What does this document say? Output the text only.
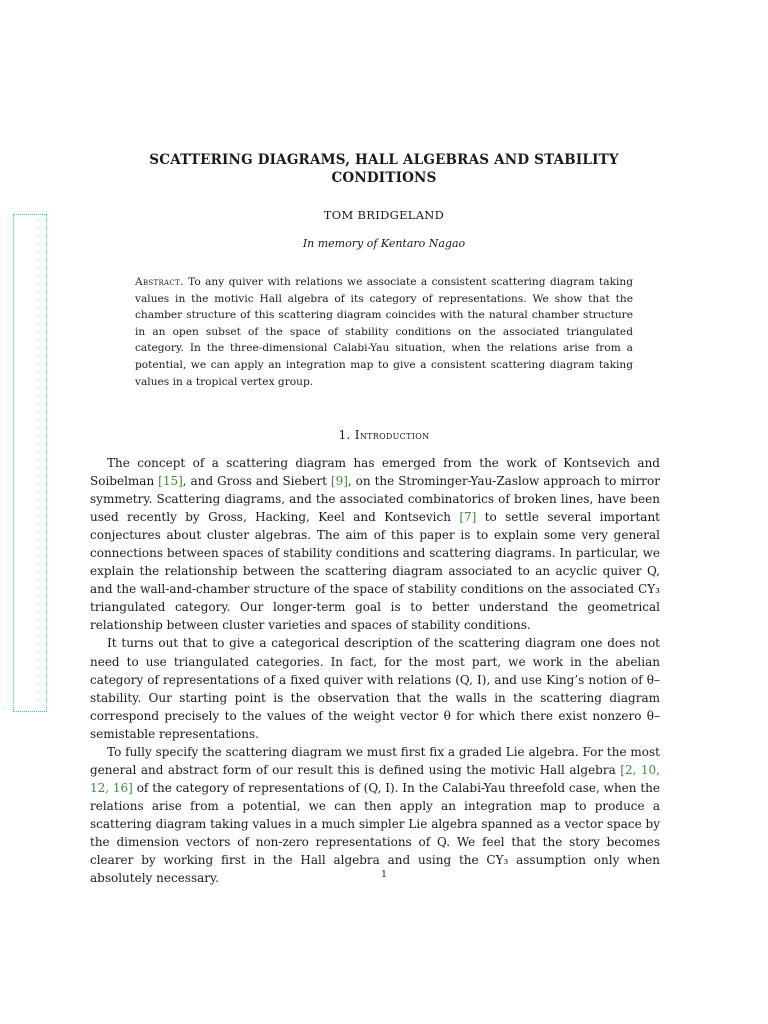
SCATTERING DIAGRAMS, HALL ALGEBRAS AND STABILITY CONDITIONS
TOM BRIDGELAND
In memory of Kentaro Nagao
Abstract. To any quiver with relations we associate a consistent scattering diagram taking values in the motivic Hall algebra of its category of representations. We show that the chamber structure of this scattering diagram coincides with the natural chamber structure in an open subset of the space of stability conditions on the associated triangulated category. In the three-dimensional Calabi-Yau situation, when the relations arise from a potential, we can apply an integration map to give a consistent scattering diagram taking values in a tropical vertex group.
1. Introduction

The concept of a scattering diagram has emerged from the work of Kontsevich and Soibelman [15], and Gross and Siebert [9], on the Strominger-Yau-Zaslow approach to mirror symmetry. Scattering diagrams, and the associated combinatorics of broken lines, have been used recently by Gross, Hacking, Keel and Kontsevich [7] to settle several important conjectures about cluster algebras. The aim of this paper is to explain some very general connections between spaces of stability conditions and scattering diagrams. In particular, we explain the relationship between the scattering diagram associated to an acyclic quiver Q, and the wall-and-chamber structure of the space of stability conditions on the associated CY₃ triangulated category. Our longer-term goal is to better understand the geometrical relationship between cluster varieties and spaces of stability conditions.

It turns out that to give a categorical description of the scattering diagram one does not need to use triangulated categories. In fact, for the most part, we work in the abelian category of representations of a fixed quiver with relations (Q, I), and use King’s notion of θ–stability. Our starting point is the observation that the walls in the scattering diagram correspond precisely to the values of the weight vector θ for which there exist nonzero θ–semistable representations.

To fully specify the scattering diagram we must first fix a graded Lie algebra. For the most general and abstract form of our result this is defined using the motivic Hall algebra [2, 10, 12, 16] of the category of representations of (Q, I). In the Calabi-Yau threefold case, when the relations arise from a potential, we can then apply an integration map to produce a scattering diagram taking values in a much simpler Lie algebra spanned as a vector space by the dimension vectors of non-zero representations of Q. We feel that the story becomes clearer by working first in the Hall algebra and using the CY₃ assumption only when absolutely necessary.	1
